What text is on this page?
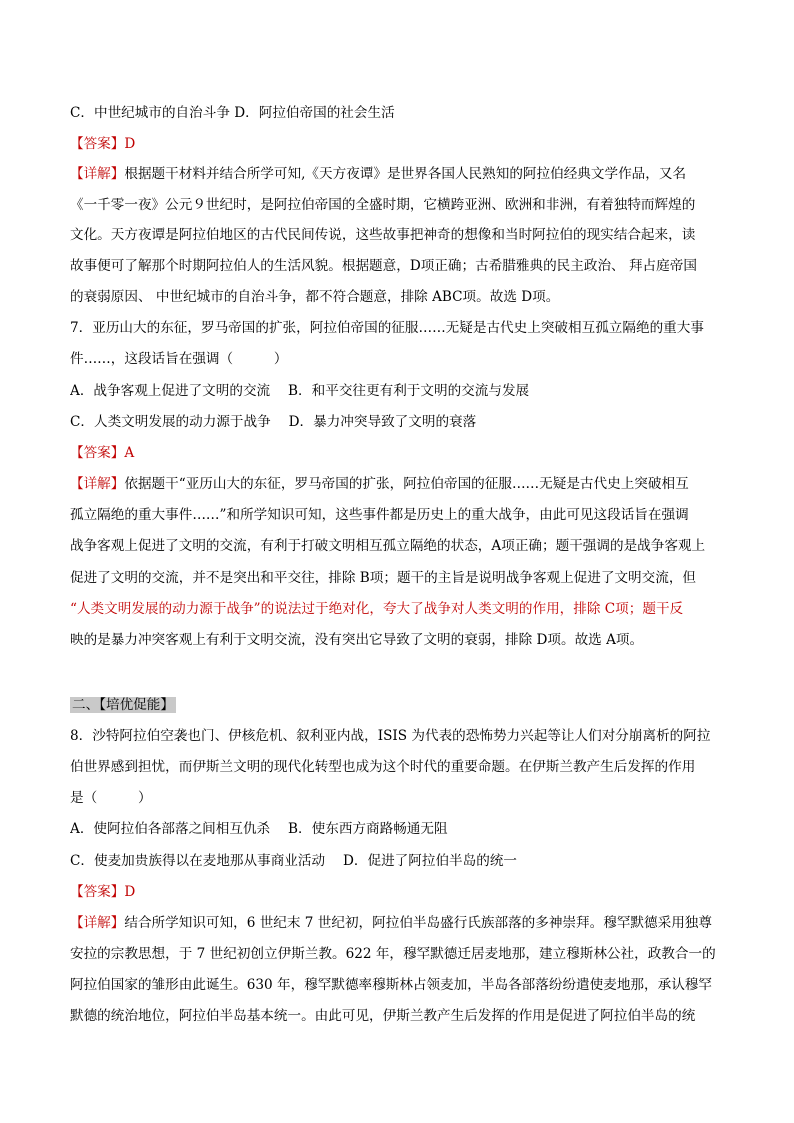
C．中世纪城市的自治斗争 D．阿拉伯帝国的社会生活
【答案】D
【详解】根据题干材料并结合所学可知,《天方夜谭》是世界各国人民熟知的阿拉伯经典文学作品，又名
《一千零一夜》公元９世纪时，是阿拉伯帝国的全盛时期，它横跨亚洲、欧洲和非洲，有着独特而辉煌的
文化。天方夜谭是阿拉伯地区的古代民间传说，这些故事把神奇的想像和当时阿拉伯的现实结合起来，读
故事便可了解那个时期阿拉伯人的生活风貌。根据题意，D项正确；古希腊雅典的民主政治、 拜占庭帝国
的衰弱原因、 中世纪城市的自治斗争，都不符合题意，排除 ABC项。故选 D项。
7．亚历山大的东征，罗马帝国的扩张，阿拉伯帝国的征服……无疑是古代史上突破相互孤立隔绝的重大事
件……，这段话旨在强调（　　　）
A．战争客观上促进了文明的交流　 B．和平交往更有利于文明的交流与发展
C．人类文明发展的动力源于战争　 D．暴力冲突导致了文明的衰落
【答案】A
【详解】依据题干“亚历山大的东征，罗马帝国的扩张，阿拉伯帝国的征服……无疑是古代史上突破相互
孤立隔绝的重大事件……”和所学知识可知，这些事件都是历史上的重大战争，由此可见这段话旨在强调
战争客观上促进了文明的交流，有利于打破文明相互孤立隔绝的状态，A项正确；题干强调的是战争客观上
促进了文明的交流，并不是突出和平交往，排除 B项；题干的主旨是说明战争客观上促进了文明交流，但
“人类文明发展的动力源于战争”的说法过于绝对化，夸大了战争对人类文明的作用，排除 C项；题干反
映的是暴力冲突客观上有利于文明交流，没有突出它导致了文明的衰弱，排除 D项。故选 A项。
二、【培优促能】
8．沙特阿拉伯空袭也门、伊核危机、叙利亚内战，ISIS 为代表的恐怖势力兴起等让人们对分崩离析的阿拉
伯世界感到担忧，而伊斯兰文明的现代化转型也成为这个时代的重要命题。在伊斯兰教产生后发挥的作用
是（　　　）
A．使阿拉伯各部落之间相互仇杀　 B．使东西方商路畅通无阻
C．使麦加贵族得以在麦地那从事商业活动　 D．促进了阿拉伯半岛的统一
【答案】D
【详解】结合所学知识可知，6 世纪末 7 世纪初，阿拉伯半岛盛行氏族部落的多神崇拜。穆罕默德采用独尊
安拉的宗教思想，于 7 世纪初创立伊斯兰教。622 年，穆罕默德迁居麦地那，建立穆斯林公社，政教合一的
阿拉伯国家的雏形由此诞生。630 年，穆罕默德率穆斯林占领麦加，半岛各部落纷纷遣使麦地那，承认穆罕
默德的统治地位，阿拉伯半岛基本统一。由此可见，伊斯兰教产生后发挥的作用是促进了阿拉伯半岛的统
